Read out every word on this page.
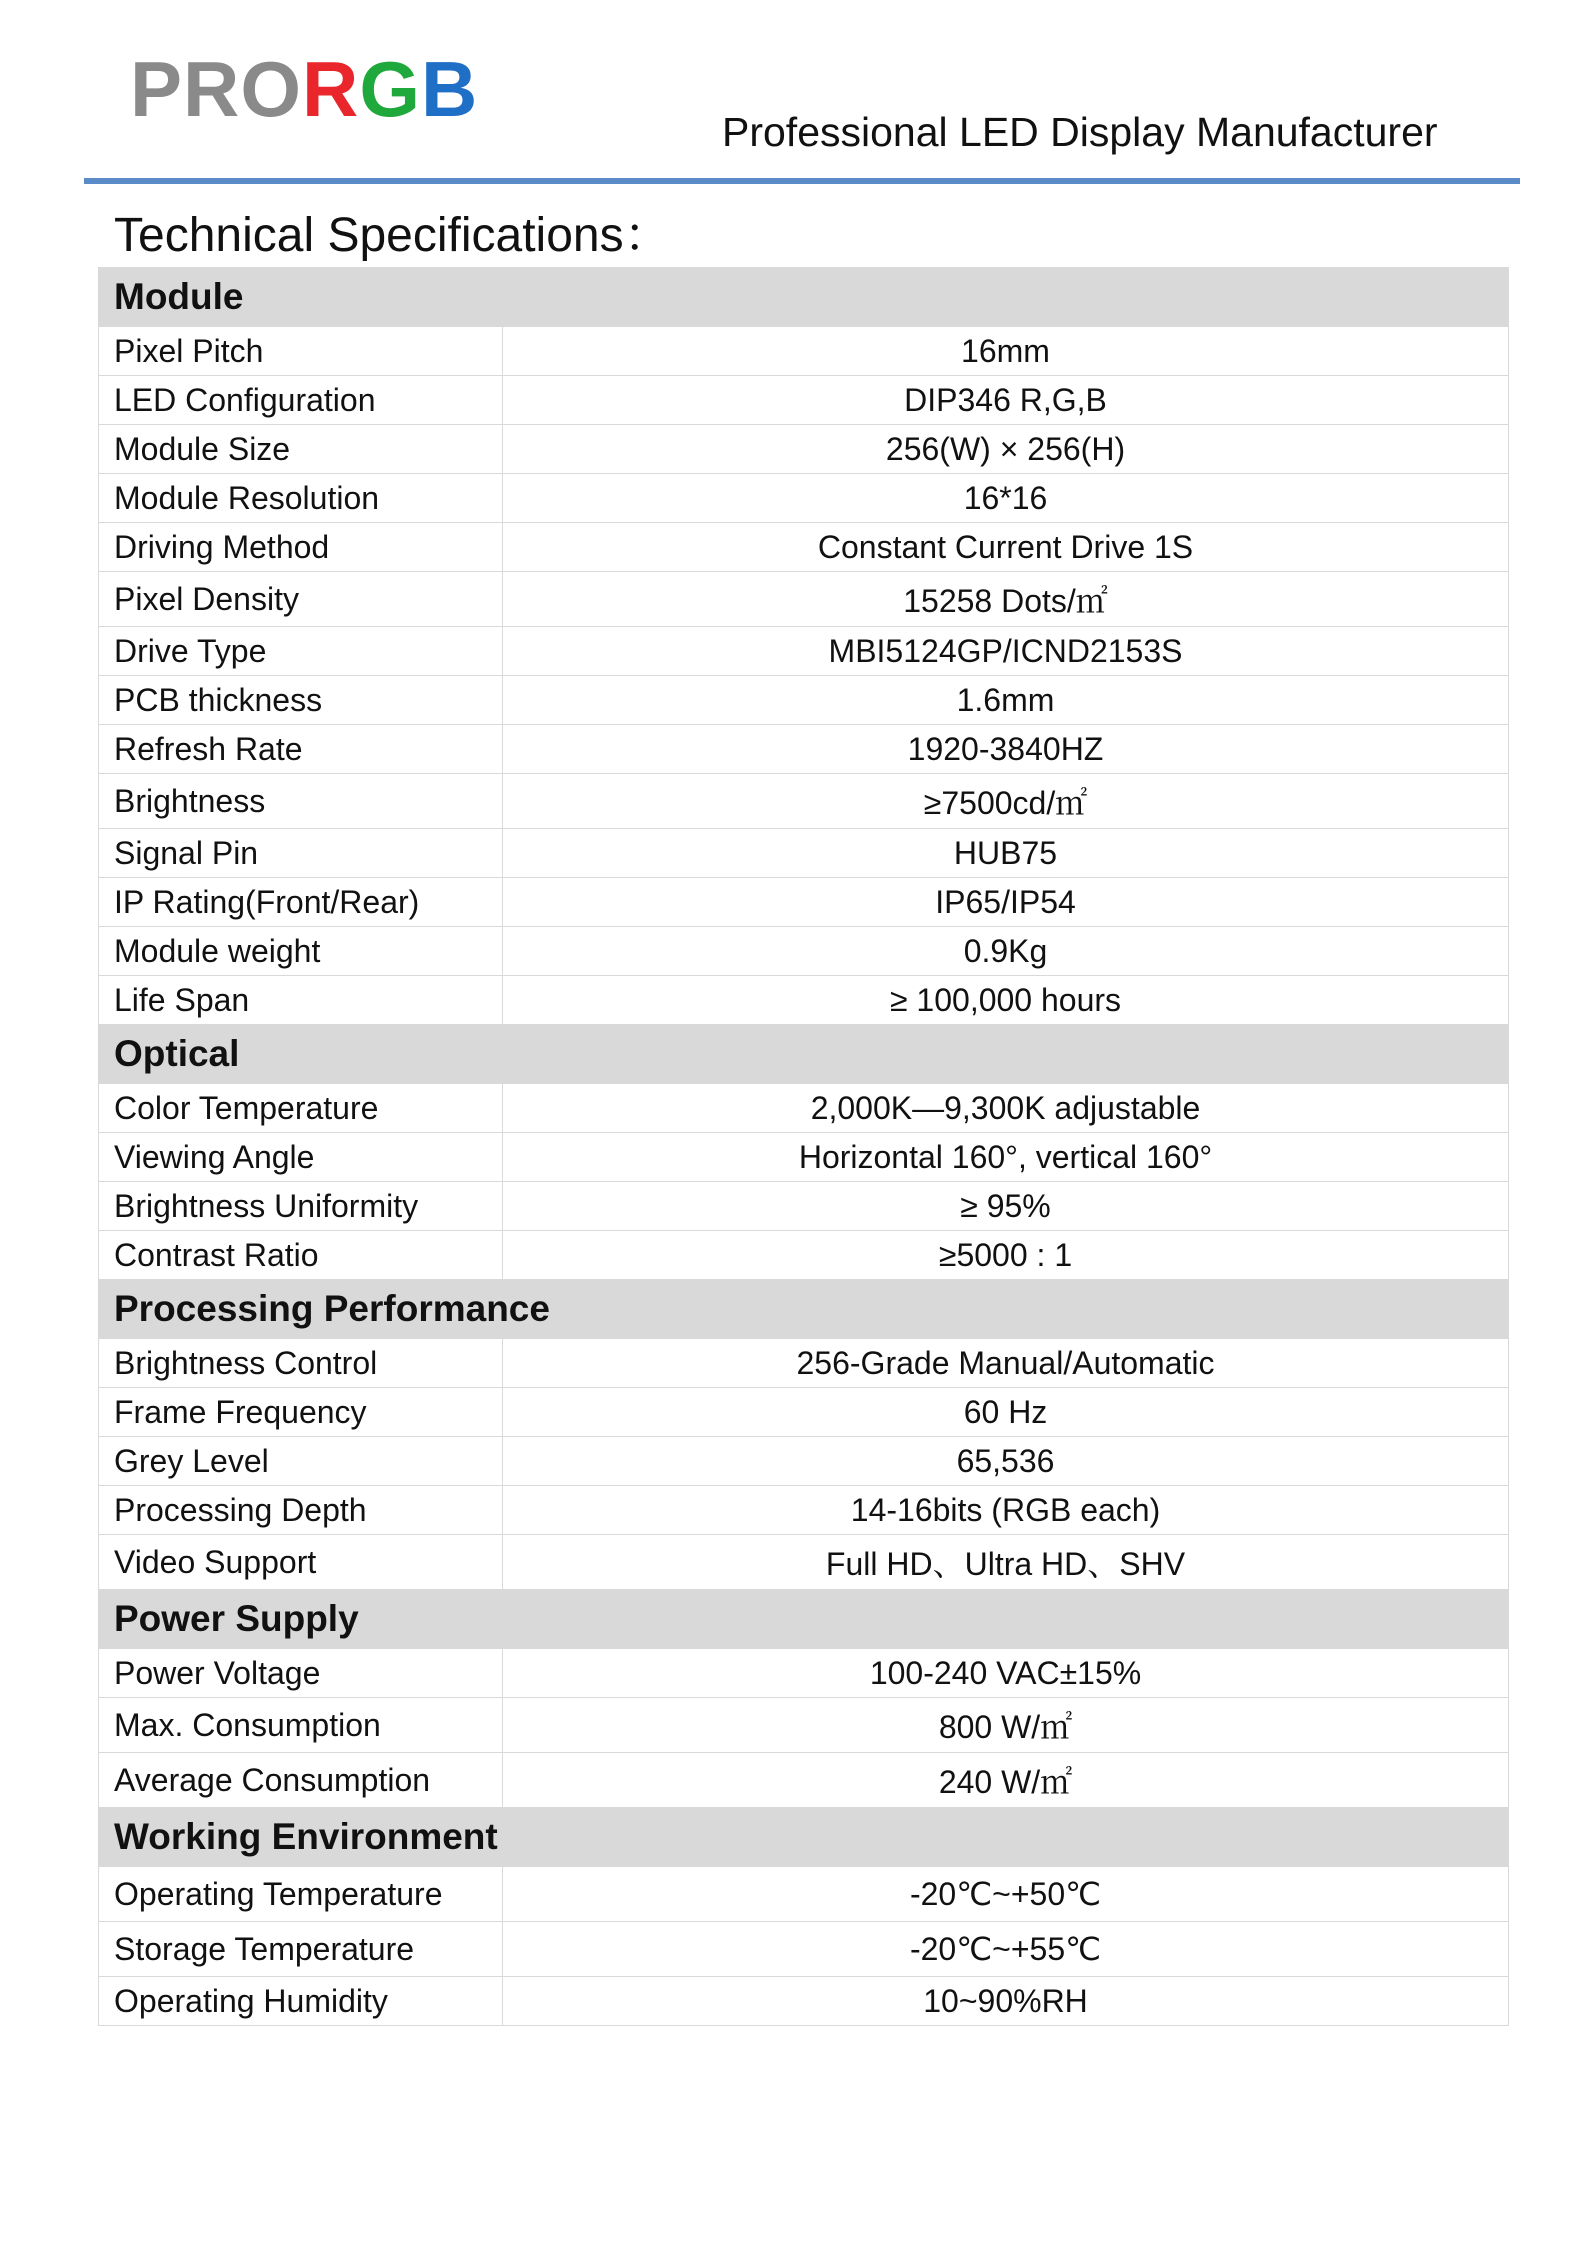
PRORGB	Professional LED Display Manufacturer
Technical Specifications：
Module	
Pixel Pitch	16mm
LED Configuration	DIP346 R,G,B
Module Size	256(W) × 256(H)
Module Resolution	16*16
Driving Method	Constant Current Drive 1S
Pixel Density	15258 Dots/㎡
Drive Type	MBI5124GP/ICND2153S
PCB thickness	1.6mm
Refresh Rate	1920-3840HZ
Brightness	≥7500cd/㎡
Signal Pin	HUB75
IP Rating(Front/Rear)	IP65/IP54
Module weight	0.9Kg
Life Span	≥ 100,000 hours
Optical	
Color Temperature	2,000K—9,300K adjustable
Viewing Angle	Horizontal 160°, vertical 160°
Brightness Uniformity	≥ 95%
Contrast Ratio	≥5000 : 1
Processing Performance	
Brightness Control	256-Grade Manual/Automatic
Frame Frequency	60 Hz
Grey Level	65,536
Processing Depth	14-16bits (RGB each)
Video Support	Full HD、Ultra HD、SHV
Power Supply	
Power Voltage	100-240 VAC±15%
Max. Consumption	800 W/㎡
Average Consumption	240 W/㎡
Working Environment	
Operating Temperature	-20℃~+50℃
Storage Temperature	-20℃~+55℃
Operating Humidity	10~90%RH
